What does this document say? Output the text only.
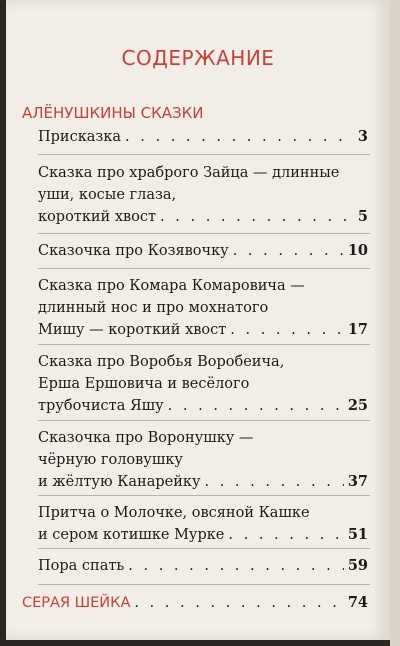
СОДЕРЖАНИЕ
АЛЁНУШКИНЫ СКАЗКИ
Присказка . . .	3
Сказка про храброго Зайца — длинные
уши, косые глаза,
короткий хвост . . .	5
Сказочка про Козявочку . . .	10
Сказка про Комара Комаровича —
длинный нос и про мохнатого
Мишу — короткий хвост . . .	17
Сказка про Воробья Воробеича,
Ерша Ершовича и весёлого
трубочиста Яшу . . .	25
Сказочка про Воронушку —
чёрную головушку
и жёлтую Канарейку . . .	37
Притча о Молочке, овсяной Кашке
и сером котишке Мурке . . .	51
Пора спать . . .	59
СЕРАЯ ШЕЙКА . . .	74
